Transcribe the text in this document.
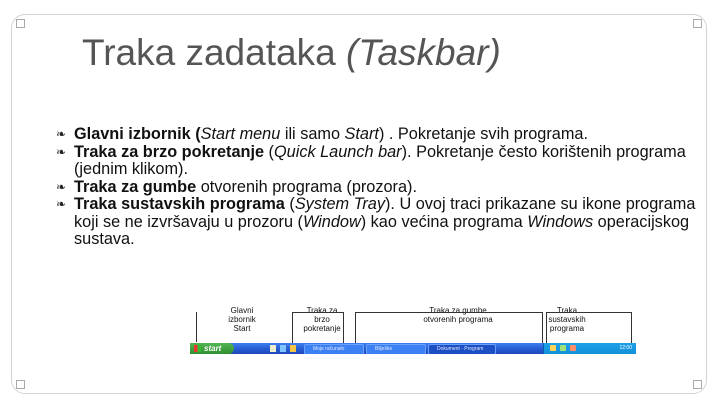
Traka zadataka (Taskbar)
❧ Glavni izbornik (Start menu ili samo Start) . Pokretanje svih programa.
❧ Traka za brzo pokretanje (Quick Launch bar). Pokretanje često korištenih programa (jednim klikom).
❧ Traka za gumbe otvorenih programa (prozora).
❧ Traka sustavskih programa (System Tray). U ovoj traci prikazane su ikone programa koji se ne izvršavaju u prozoru (Window) kao većina programa Windows operacijskog sustava.
Glavni izbornik Start
Traka za brzo pokretanje
Traka za gumbe otvorenih programa
Traka sustavskih programa
start	Moje računalo	Bilješke	Dokument - Program	12:00
